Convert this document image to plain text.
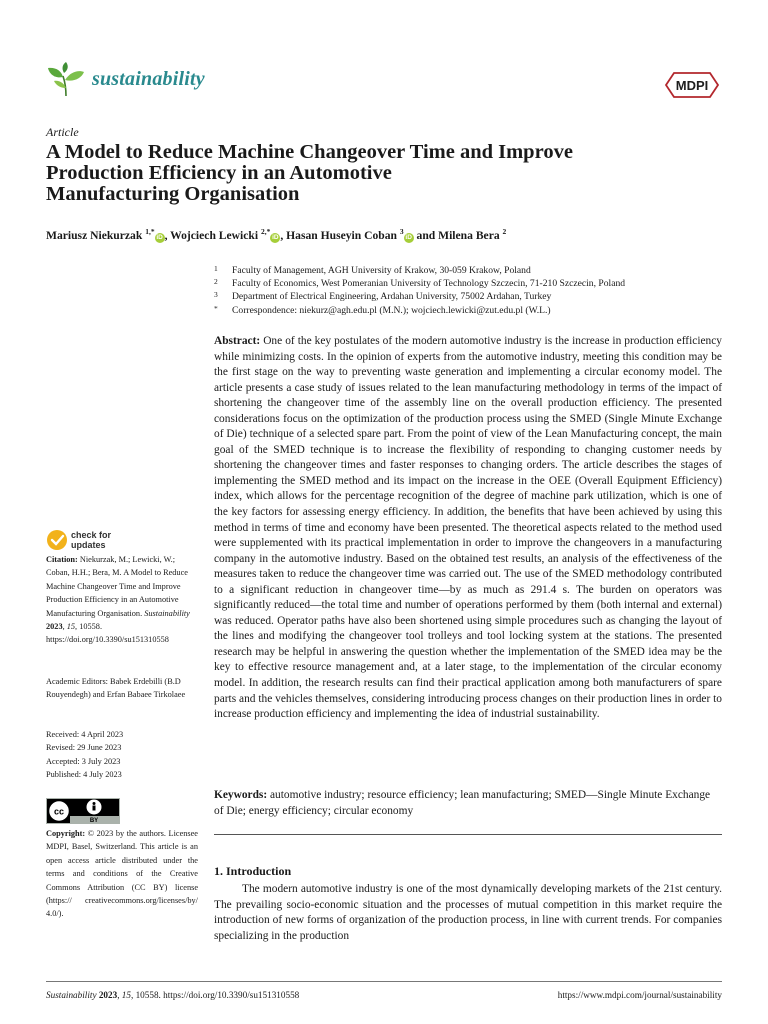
sustainability	MDPI
Article
A Model to Reduce Machine Changeover Time and Improve
Production Efficiency in an Automotive
Manufacturing Organisation
Mariusz Niekurzak $^{1,*}$iD , Wojciech Lewicki $^{2,*}$iD , Hasan Huseyin Coban $^3$iD and Milena Bera $^2$
1 Faculty of Management, AGH University of Krakow, 30-059 Krakow, Poland
2 Faculty of Economics, West Pomeranian University of Technology Szczecin, 71-210 Szczecin, Poland
3 Department of Electrical Engineering, Ardahan University, 75002 Ardahan, Turkey
* Correspondence: niekurz@agh.edu.pl (M.N.); wojciech.lewicki@zut.edu.pl (W.L.)
Abstract: One of the key postulates of the modern automotive industry is the increase in production efficiency while minimizing costs. In the opinion of experts from the automotive industry, meeting this condition may be the first stage on the way to preventing waste generation and implementing a circular economy model. The article presents a case study of issues related to the lean manufacturing methodology in terms of the impact of shortening the changeover time of the assembly line on the overall production efficiency. The presented considerations focus on the optimization of the production process using the SMED (Single Minute Exchange of Die) technique of a selected spare part. From the point of view of the Lean Manufacturing concept, the main goal of the SMED technique is to increase the flexibility of responding to changing customer needs by shortening the changeover times and faster responses to changing orders. The article describes the stages of implementing the SMED method and its impact on the increase in the OEE (Overall Equipment Efficiency) index, which allows for the percentage recognition of the degree of machine park utilization, which is one of the key factors for assessing energy efficiency. In addition, the benefits that have been achieved by using this method in terms of time and economy have been presented. The theoretical aspects related to the method used were supplemented with its practical implementation in order to improve the changeovers in a manufacturing company in the automotive industry. Based on the obtained test results, an analysis of the effectiveness of the measures taken to reduce the changeover time was carried out. The use of the SMED methodology contributed to a significant reduction in changeover time—by as much as 291.4 s. The burden on operators was significantly reduced—the total time and number of operations performed by them (both internal and external) was reduced. Operator paths have also been shortened using simple procedures such as changing the layout of the lines and modifying the changeover tool trolleys and tool locking system at the stations. The presented research may be helpful in answering the question whether the implementation of the SMED idea may be the key to effective resource management and, at a later stage, to the implementation of the circular economy model. In addition, the research results can find their practical application among both manufacturers of spare parts and the vehicles themselves, considering introducing process changes on their production lines in order to increase production efficiency and implementing the idea of industrial sustainability.
Keywords: automotive industry; resource efficiency; lean manufacturing; SMED—Single Minute Exchange of Die; energy efficiency; circular economy
1. Introduction
The modern automotive industry is one of the most dynamically developing markets of the 21st century. The prevailing socio-economic situation and the processes of mutual competition in this market require the introduction of new forms of organization of the production process, in line with current trends. For companies specializing in the production
check for
updates
Citation: Niekurzak, M.; Lewicki, W.; Coban, H.H.; Bera, M. A Model to Reduce Machine Changeover Time and Improve Production Efficiency in an Automotive Manufacturing Organisation. Sustainability 2023, 15, 10558. https://doi.org/10.3390/su151310558
Academic Editors: Babek Erdebilli (B.D Rouyendegh) and Erfan Babaee Tirkolaee
Received: 4 April 2023
Revised: 29 June 2023
Accepted: 3 July 2023
Published: 4 July 2023
cc
BY
Copyright: © 2023 by the authors. Licensee MDPI, Basel, Switzerland. This article is an open access article distributed under the terms and conditions of the Creative Commons Attribution (CC BY) license (https:// creativecommons.org/licenses/by/ 4.0/).
Sustainability 2023, 15, 10558. https://doi.org/10.3390/su151310558	https://www.mdpi.com/journal/sustainability
